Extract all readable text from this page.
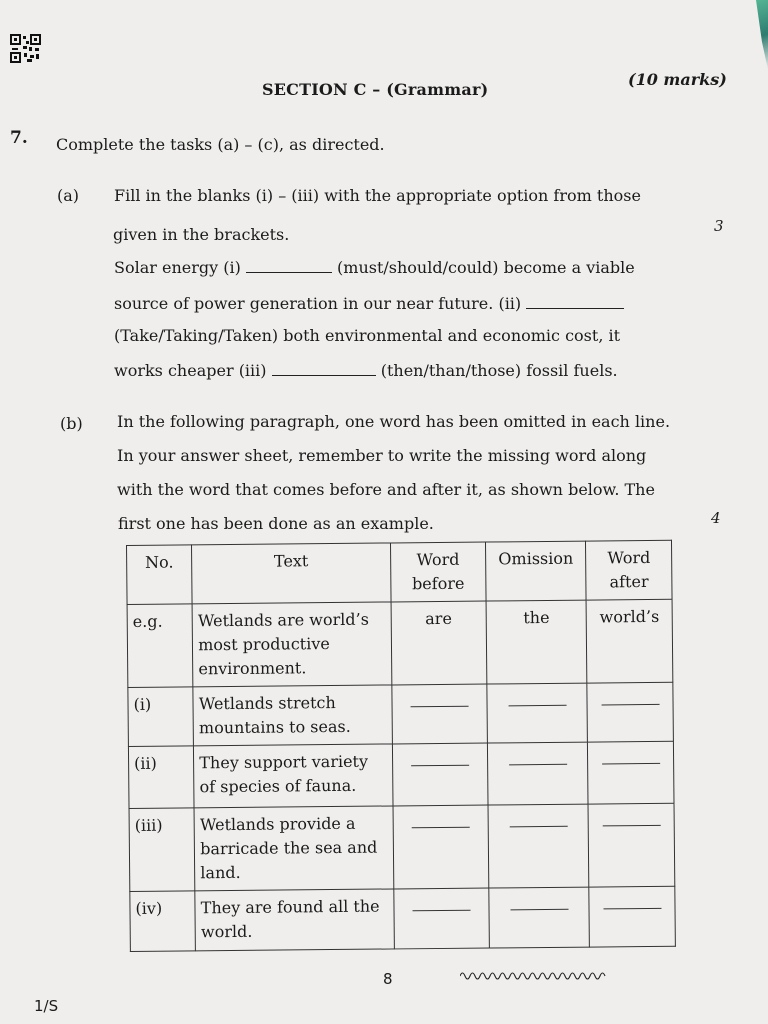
SECTION C – (Grammar)
(10 marks)
7. Complete the tasks (a) – (c), as directed.
(a) Fill in the blanks (i) – (iii) with the appropriate option from those
given in the brackets.	3
Solar energy (i)	(must/should/could) become a viable
source of power generation in our near future. (ii)
(Take/Taking/Taken) both environmental and economic cost, it
works cheaper (iii)	(then/than/those) fossil fuels.
(b) In the following paragraph, one word has been omitted in each line.
In your answer sheet, remember to write the missing word along
with the word that comes before and after it, as shown below. The
first one has been done as an example.	4
No.	Text	Word before	Omission	Word after
e.g.	Wetlands are world’s most productive environment.	are	the	world’s
(i)	Wetlands stretch mountains to seas.			
(ii)	They support variety of species of fauna.			
(iii)	Wetlands provide a barricade the sea and land.			
(iv)	They are found all the world.			
8
1/S
